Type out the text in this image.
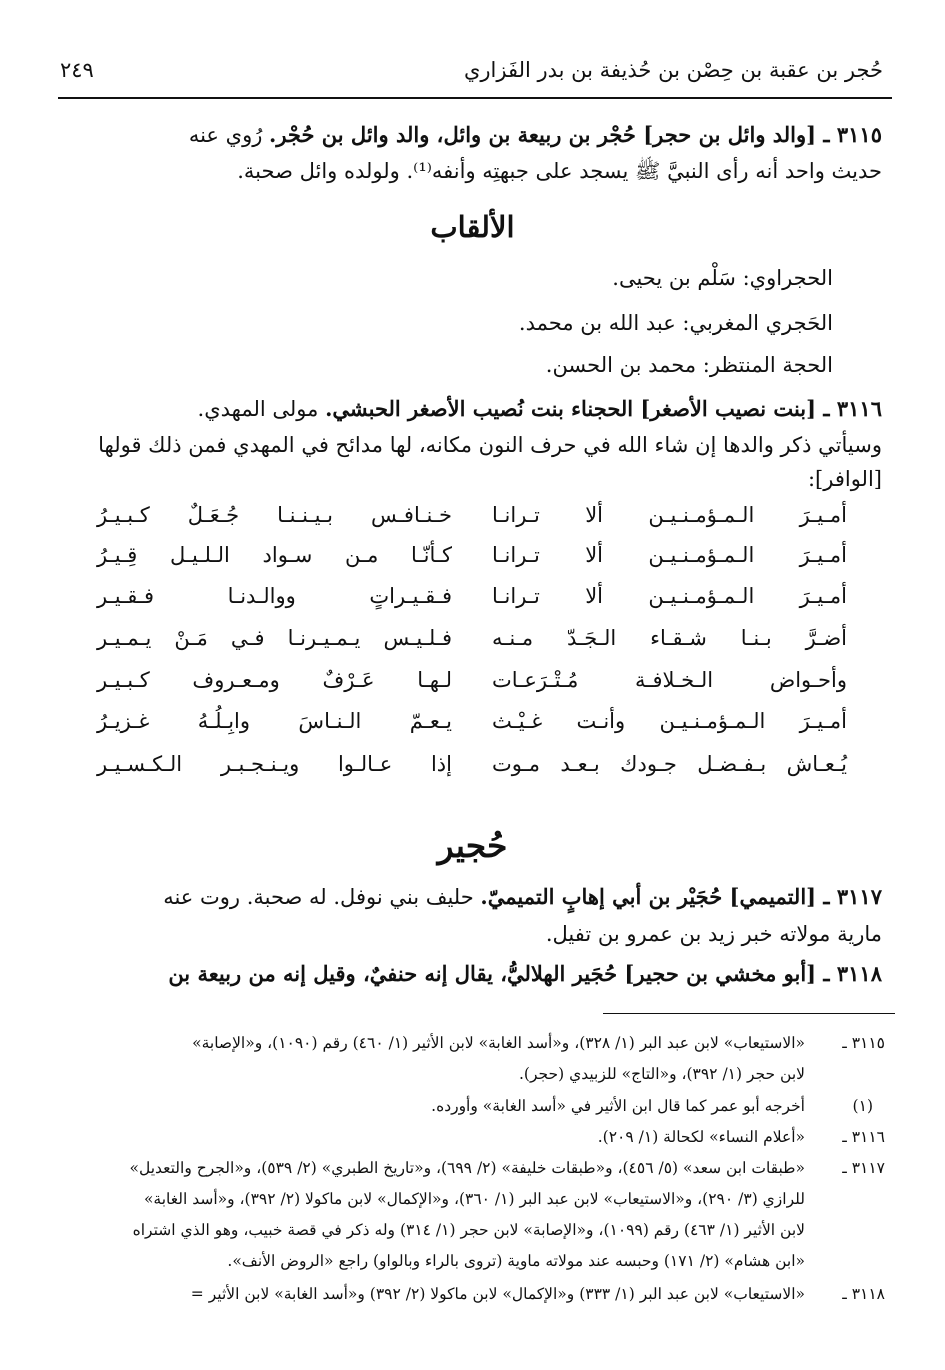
حُجر بن عقبة بن حِصْن بن حُذيفة بن بدر الفَزاري
٢٤٩
٣١١٥ ـ [والد وائل بن حجر] حُجْر بن ربيعة بن وائل، والد وائل بن حُجْر. رُوي عنه
حديث واحد أنه رأى النبيَّ ﷺ يسجد على جبهتِه وأنفه⁽¹⁾. ولولده وائل صحبة.
الألقاب
الحجراوي: سَلْم بن يحيى.
الحَجري المغربي: عبد الله بن محمد.
الحجة المنتظر: محمد بن الحسن.
٣١١٦ ـ [بنت نصيب الأصغر] الحجناء بنت نُصيب الأصغر الحبشي. مولى المهدي.
وسيأتي ذكر والدها إن شاء الله في حرف النون مكانه، لها مدائح في المهدي فمن ذلك قولها
[الوافر]:
أمـيـرَ الـمـؤمـنـيـن ألا تـرانـا
خـنـافـس بـيـنـنـا جُـعَـلٌ كـبـيـرُ
أمـيـرَ الـمـؤمـنـيـن ألا تـرانـا
كـأنّـا مـن سـواد الـلـيـل قِـيـرُ
أمـيـرَ الـمـؤمـنـيـن ألا تـرانـا
فـقـيـراتٍ ووالـدنـا فـقـيـر
أضـرَّ بـنـا شـقـاء الـجَـدّ مـنـه
فـلـيـس يـمـيـرنـا فـي مَـنْ يـمـيـر
وأحـواض الـخـلافـة مُـتْـرَعـات
لـهـا عَـرْفٌ ومـعـروف كـبـيـر
أمـيـرَ الـمـؤمـنـيـن وأنـت غـيْـث
يـعـمّ الـنـاسَ وابِـلُـهُ غـزيـرُ
يُـعـاش بـفـضـل جـودك بـعـد مـوت
إذا عـالـوا ويـنـجـبـر الـكـسـيـر
حُجير
٣١١٧ ـ [التميمي] حُجَيْر بن أبي إهابٍ التميميّ. حليف بني نوفل. له صحبة. روت عنه
مارية مولاته خبر زيد بن عمرو بن تفيل.
٣١١٨ ـ [أبو مخشي بن حجير] حُجَير الهلاليُّ، يقال إنه حنفيٌ، وقيل إنه من ربيعة بن
٣١١٥ ـ
«الاستيعاب» لابن عبد البر (١/ ٣٢٨)، و«أسد الغابة» لابن الأثير (١/ ٤٦٠) رقم (١٠٩٠)، و«الإصابة»
لابن حجر (١/ ٣٩٢)، و«التاج» للزبيدي (حجر).
(١)
أخرجه أبو عمر كما قال ابن الأثير في «أسد الغابة» وأورده.
٣١١٦ ـ
«أعلام النساء» لكحالة (١/ ٢٠٩).
٣١١٧ ـ
«طبقات ابن سعد» (٥/ ٤٥٦)، و«طبقات خليفة» (٢/ ٦٩٩)، و«تاريخ الطبري» (٢/ ٥٣٩)، و«الجرح والتعديل»
للرازي (٣/ ٢٩٠)، و«الاستيعاب» لابن عبد البر (١/ ٣٦٠)، و«الإكمال» لابن ماكولا (٢/ ٣٩٢)، و«أسد الغابة»
لابن الأثير (١/ ٤٦٣) رقم (١٠٩٩)، و«الإصابة» لابن حجر (١/ ٣١٤) وله ذكر في قصة خبيب، وهو الذي اشتراه
«ابن هشام» (٢/ ١٧١) وحبسه عند مولاته ماوية (تروى بالراء وبالواو) راجع «الروض الأنف».
٣١١٨ ـ
«الاستيعاب» لابن عبد البر (١/ ٣٣٣) و«الإكمال» لابن ماكولا (٢/ ٣٩٢) و«أسد الغابة» لابن الأثير =
